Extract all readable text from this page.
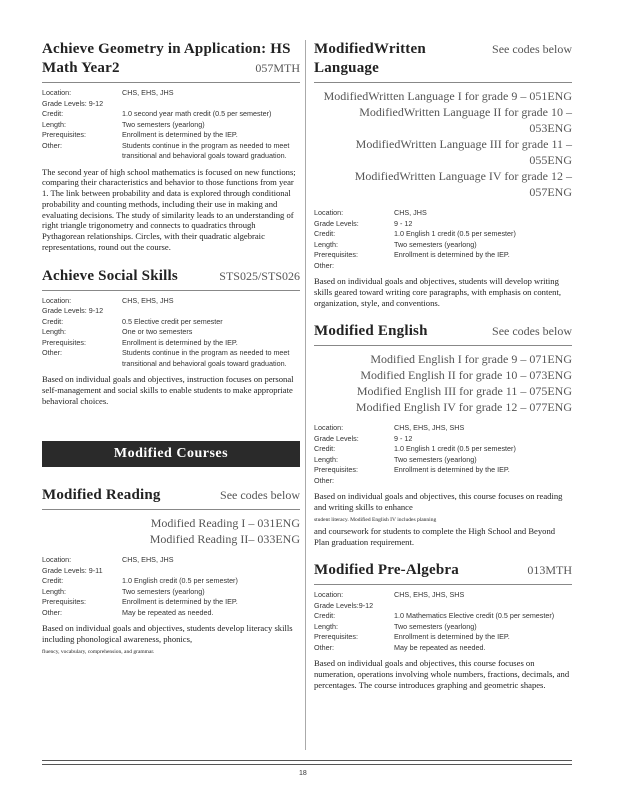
Achieve Geometry in Application: HS
Math Year2	057MTH
Location:	CHS, EHS, JHS
Grade Levels: 9-12
Credit:	1.0 second year math credit (0.5 per semester)
Length:	Two semesters (yearlong)
Prerequisites:	Enrollment is determined by the IEP.
Other:	Students continue in the program as needed to meet transitional and behavioral goals toward graduation.
The second year of high school mathematics is focused on new functions; comparing their characteristics and behavior to those functions from year 1. The link between probability and data is explored through conditional probability and counting methods, including their use in making and evaluating decisions. The study of similarity leads to an understanding of right triangle trigonometry and connects to quadratics through Pythagorean relationships. Circles, with their quadratic algebraic representations, round out the course.
Achieve Social Skills	STS025/STS026
Location:	CHS, EHS, JHS
Grade Levels: 9-12
Credit:	0.5 Elective credit per semester
Length:	One or two semesters
Prerequisites:	Enrollment is determined by the IEP.
Other:	Students continue in the program as needed to meet transitional and behavioral goals toward graduation.
Based on individual goals and objectives, instruction focuses on personal self-management and social skills to enable students to make appropriate behavioral choices.
Modified Courses
Modified Reading	See codes below
Modified Reading I – 031ENG
Modified Reading II– 033ENG
Location:	CHS, EHS, JHS
Grade Levels: 9-11
Credit:	1.0 English credit (0.5 per semester)
Length:	Two semesters (yearlong)
Prerequisites:	Enrollment is determined by the IEP.
Other:	May be repeated as needed.
Based on individual goals and objectives, students develop literacy skills including phonological awareness, phonics,
fluency, vocabulary, comprehension, and grammar.
ModifiedWritten Language
See codes below
ModifiedWritten Language I for grade 9 – 051ENG
ModifiedWritten Language II for grade 10 – 053ENG
ModifiedWritten Language III for grade 11 – 055ENG
ModifiedWritten Language IV for grade 12 – 057ENG
Location:	CHS, JHS
Grade Levels:	9 - 12
Credit:	1.0 English 1 credit (0.5 per semester)
Length:	Two semesters (yearlong)
Prerequisites:	Enrollment is determined by the IEP.
Other:
Based on individual goals and objectives, students will develop writing skills geared toward writing core paragraphs, with emphasis on content, organization, style, and conventions.
Modified English	See codes below
Modified English I for grade 9 – 071ENG
Modified English II for grade 10 – 073ENG
Modified English III for grade 11 – 075ENG
Modified English IV for grade 12 – 077ENG
Location:	CHS, EHS, JHS, SHS
Grade Levels:	9 - 12
Credit:	1.0 English 1 credit (0.5 per semester)
Length:	Two semesters (yearlong)
Prerequisites:	Enrollment is determined by the IEP.
Other:
Based on individual goals and objectives, this course focuses on reading and writing skills to enhance
student literacy. Modified English IV includes planning
and coursework for students to complete the High School and Beyond Plan graduation requirement.
Modified Pre-Algebra	013MTH
Location:	CHS, EHS, JHS, SHS
Grade Levels:9-12
Credit:	1.0 Mathematics Elective credit (0.5 per semester)
Length:	Two semesters (yearlong)
Prerequisites:	Enrollment is determined by the IEP.
Other:	May be repeated as needed.
Based on individual goals and objectives, this course focuses on numeration, operations involving whole numbers, fractions, decimals, and percentages. The course introduces graphing and geometric shapes.
18
